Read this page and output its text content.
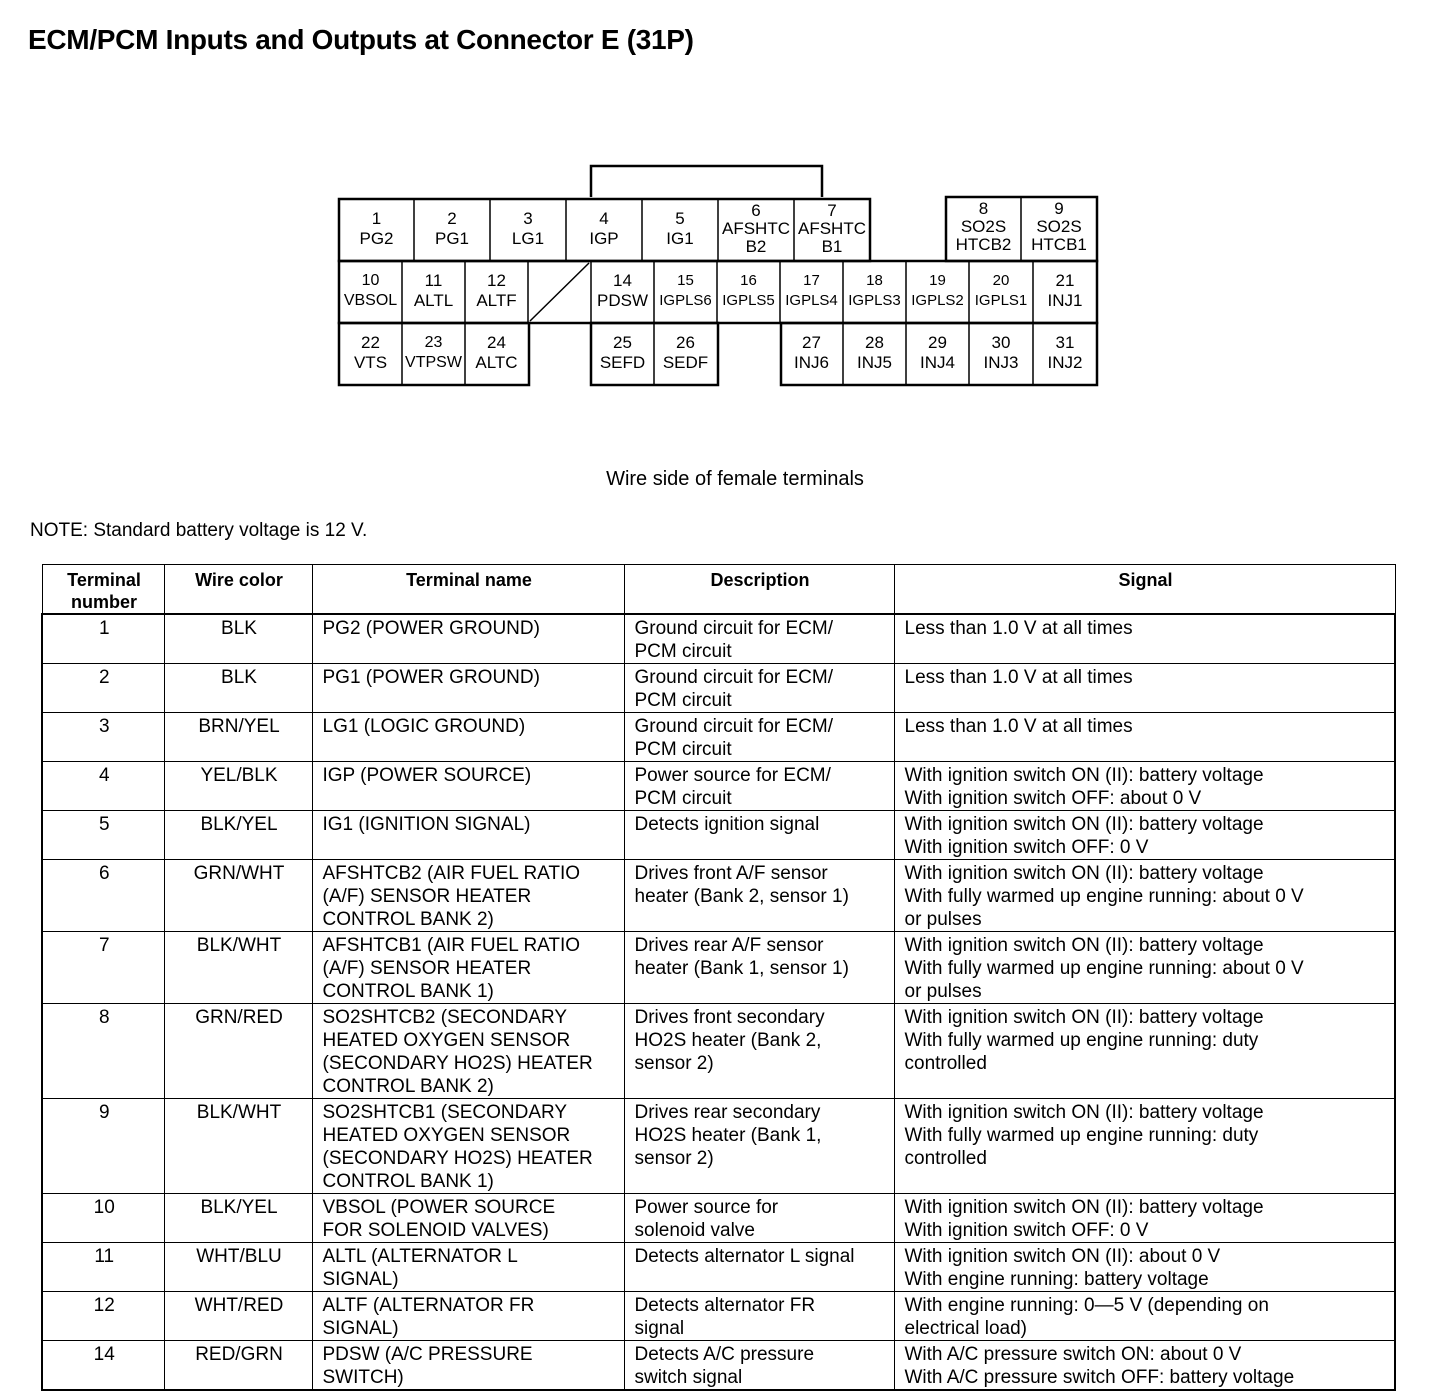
ECM/PCM Inputs and Outputs at Connector E (31P)
1
PG2
2
PG1
3
LG1
4
IGP
5
IG1
6
AFSHTC
B2
7
AFSHTC
B1
8
SO2S
HTCB2
9
SO2S
HTCB1
10
VBSOL
11
ALTL
12
ALTF
14
PDSW
15
IGPLS6
16
IGPLS5
17
IGPLS4
18
IGPLS3
19
IGPLS2
20
IGPLS1
21
INJ1
22
VTS
23
VTPSW
24
ALTC
25
SEFD
26
SEDF
27
INJ6
28
INJ5
29
INJ4
30
INJ3
31
INJ2
Wire side of female terminals
NOTE: Standard battery voltage is 12 V.
Terminal
number	Wire color	Terminal name	Description	Signal

1	BLK	PG2 (POWER GROUND)	Ground circuit for ECM/
PCM circuit	Less than 1.0 V at all times

2	BLK	PG1 (POWER GROUND)	Ground circuit for ECM/
PCM circuit	Less than 1.0 V at all times

3	BRN/YEL	LG1 (LOGIC GROUND)	Ground circuit for ECM/
PCM circuit	Less than 1.0 V at all times

4	YEL/BLK	IGP (POWER SOURCE)	Power source for ECM/
PCM circuit	With ignition switch ON (II): battery voltage
With ignition switch OFF: about 0 V

5	BLK/YEL	IG1 (IGNITION SIGNAL)	Detects ignition signal	With ignition switch ON (II): battery voltage
With ignition switch OFF: 0 V

6	GRN/WHT	AFSHTCB2 (AIR FUEL RATIO
(A/F) SENSOR HEATER
CONTROL BANK 2)	Drives front A/F sensor
heater (Bank 2, sensor 1)	With ignition switch ON (II): battery voltage
With fully warmed up engine running: about 0 V
or pulses

7	BLK/WHT	AFSHTCB1 (AIR FUEL RATIO
(A/F) SENSOR HEATER
CONTROL BANK 1)	Drives rear A/F sensor
heater (Bank 1, sensor 1)	With ignition switch ON (II): battery voltage
With fully warmed up engine running: about 0 V
or pulses

8	GRN/RED	SO2SHTCB2 (SECONDARY
HEATED OXYGEN SENSOR
(SECONDARY HO2S) HEATER
CONTROL BANK 2)	Drives front secondary
HO2S heater (Bank 2,
sensor 2)	With ignition switch ON (II): battery voltage
With fully warmed up engine running: duty
controlled

9	BLK/WHT	SO2SHTCB1 (SECONDARY
HEATED OXYGEN SENSOR
(SECONDARY HO2S) HEATER
CONTROL BANK 1)	Drives rear secondary
HO2S heater (Bank 1,
sensor 2)	With ignition switch ON (II): battery voltage
With fully warmed up engine running: duty
controlled

10	BLK/YEL	VBSOL (POWER SOURCE
FOR SOLENOID VALVES)	Power source for
solenoid valve	With ignition switch ON (II): battery voltage
With ignition switch OFF: 0 V

11	WHT/BLU	ALTL (ALTERNATOR L
SIGNAL)	Detects alternator L signal	With ignition switch ON (II): about 0 V
With engine running: battery voltage

12	WHT/RED	ALTF (ALTERNATOR FR
SIGNAL)	Detects alternator FR
signal	With engine running: 0—5 V (depending on
electrical load)

14	RED/GRN	PDSW (A/C PRESSURE
SWITCH)	Detects A/C pressure
switch signal	With A/C pressure switch ON: about 0 V
With A/C pressure switch OFF: battery voltage
